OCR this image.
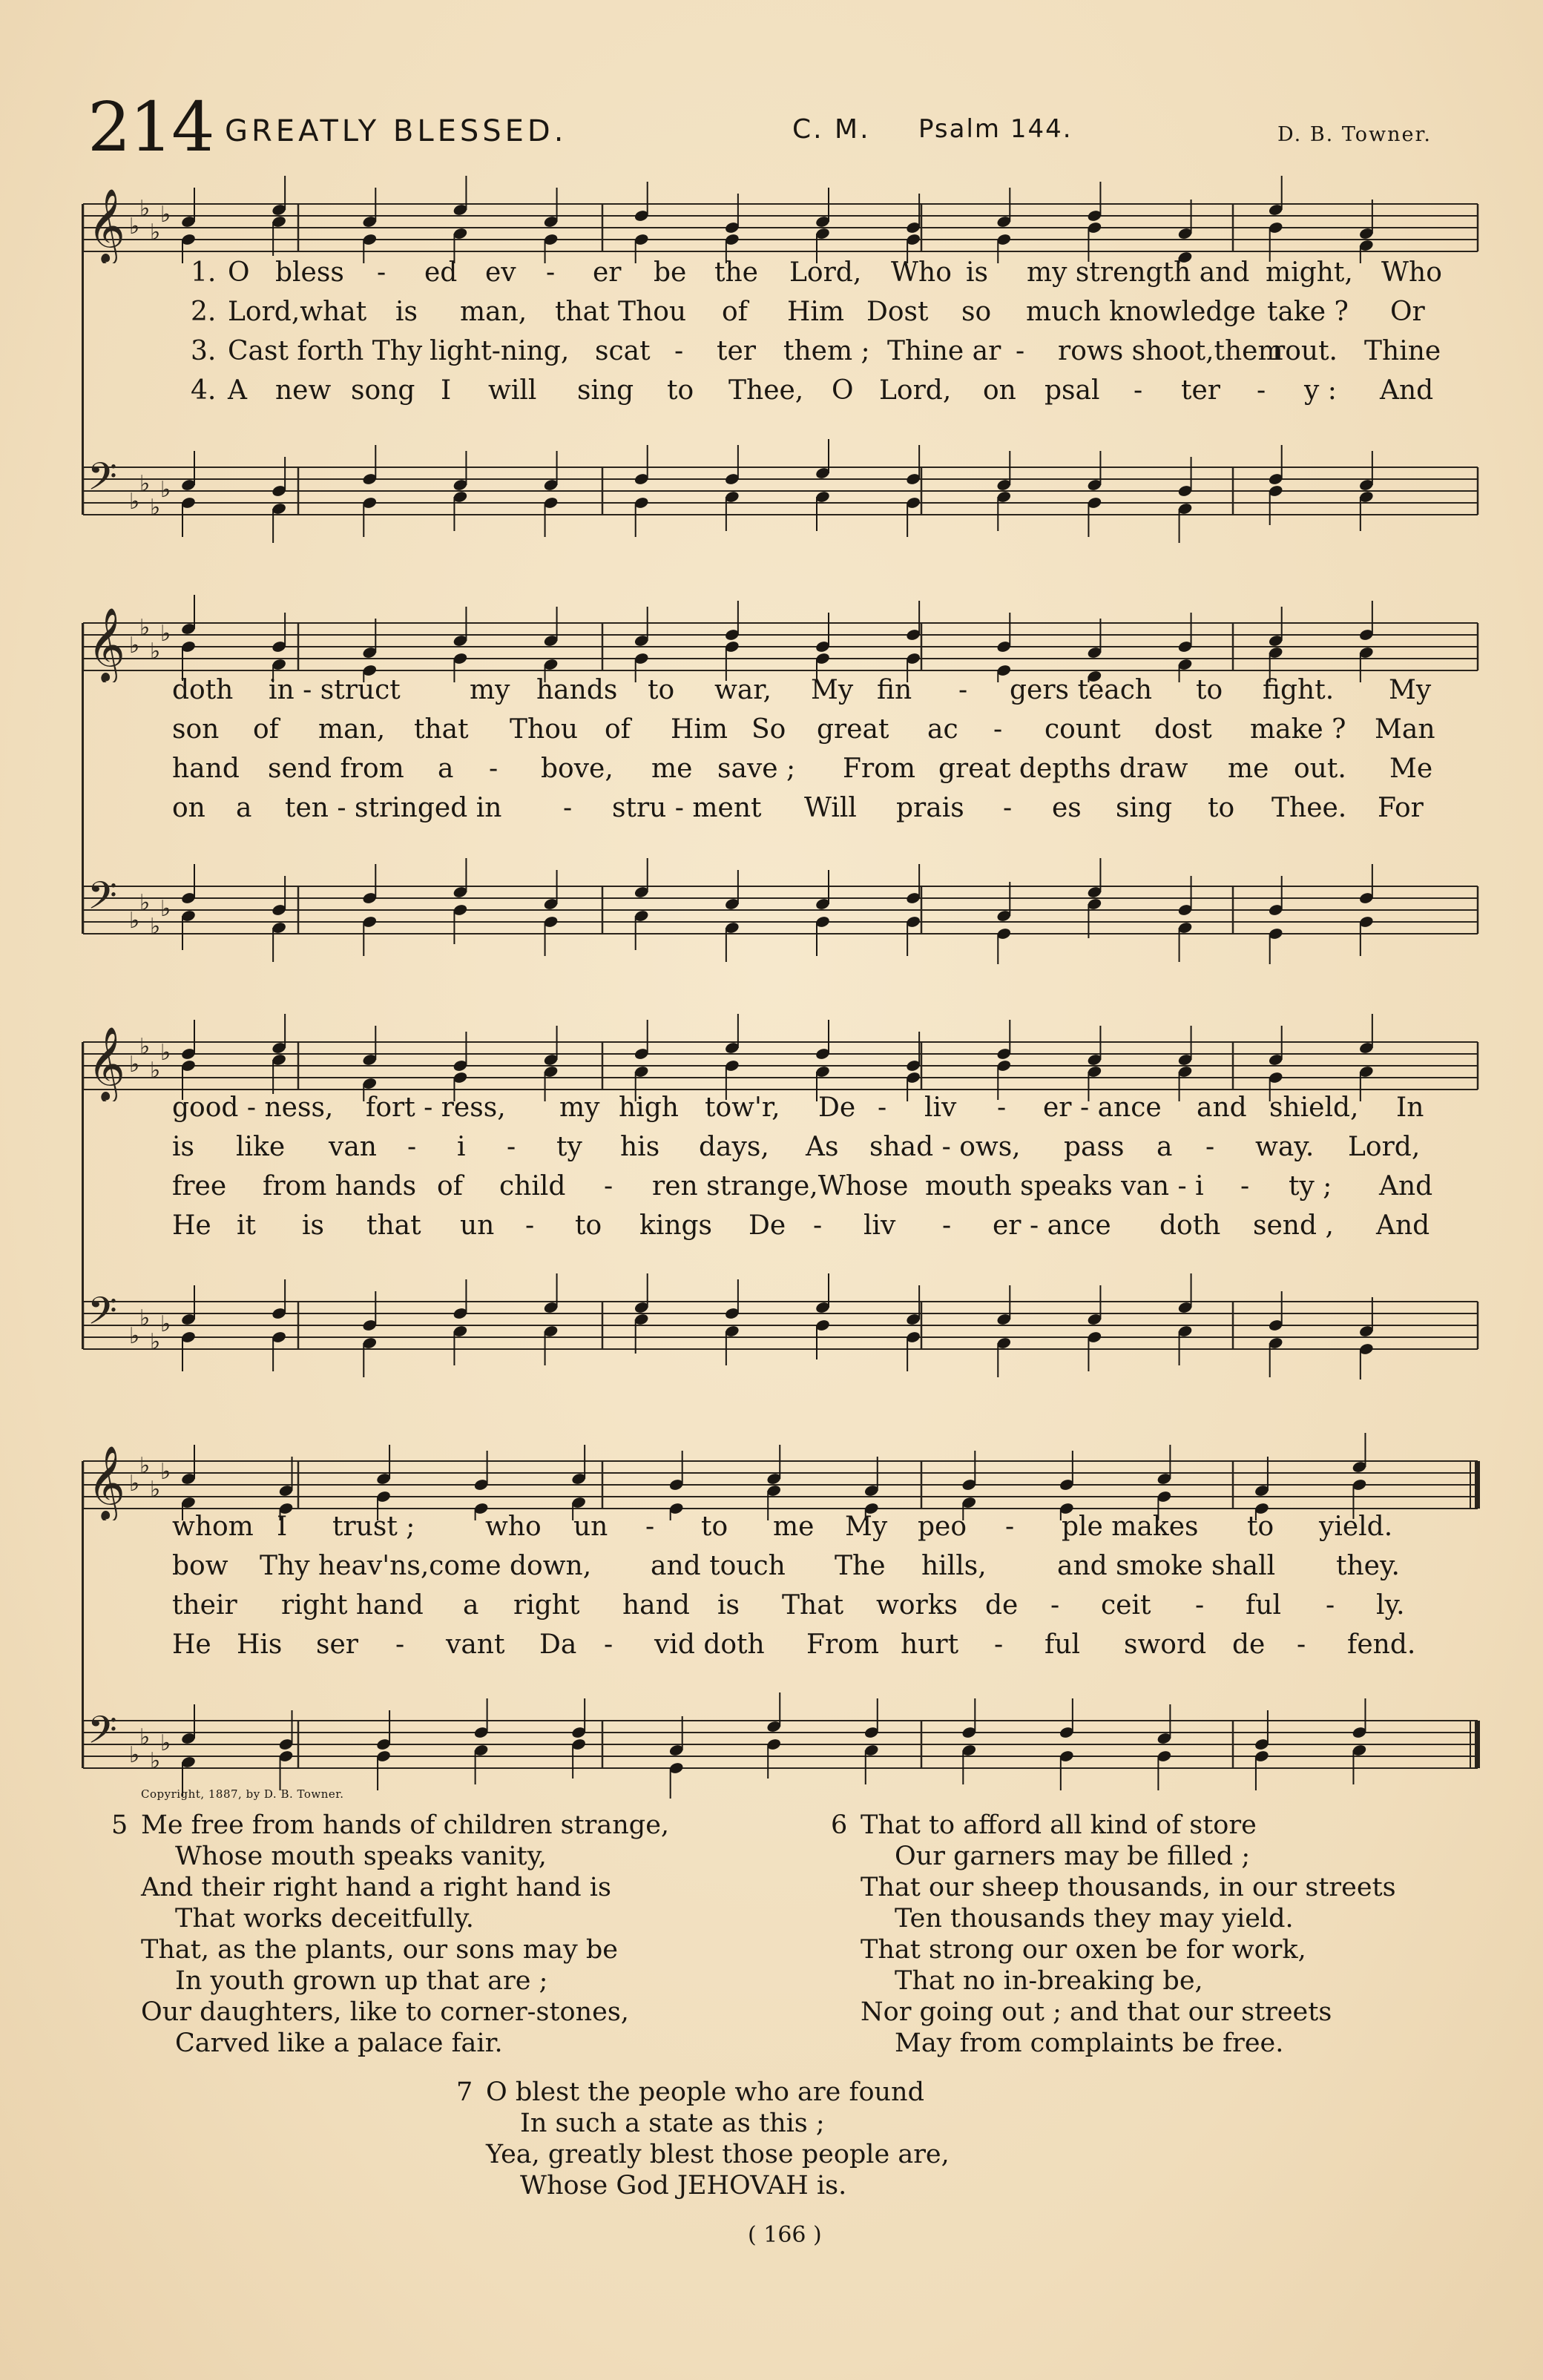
214 GREATLY BLESSED.	C. M. Psalm 144.	D. B. Towner.
𝄞 ♭
♭
♭
♭
1. O bless - ed ev - er be the Lord, Who is my strength and might, Who
2. Lord,what is man, that Thou of Him Dost so much knowledge take ? Or
3. Cast forth Thy light-ning, scat - ter them ; Thine ar - rows shoot,them
rout. Thine
4. A new song I will sing to Thee, O Lord, on psal - ter - y : And
𝄢 ♭
♭
♭
♭
𝄞 ♭
♭
♭
♭
doth in - struct	my hands to war, My fin - gers teach to fight. My
son of man, that Thou of Him So great ac - count dost make ? Man
hand send from a - bove, me save ; From great depths draw me out. Me
on a ten - stringed in - stru - ment Will prais - es sing to Thee. For
𝄢 ♭
♭
♭
♭
𝄞 ♭
♭
♭
♭
good - ness, fort - ress, my high tow'r, De - liv - er - ance and shield, In
is like van - i - ty his days, As shad - ows, pass a - way. Lord,
free from hands of child - ren strange,Whose mouth speaks van - i - ty ; And
He it is that un - to kings De - liv - er - ance doth send , And
𝄢 ♭
♭
♭
♭
𝄞 ♭
♭
♭
♭
whom I trust ;	who un - to me My peo - ple makes to yield.
bow Thy heav'ns,come down, and touch The hills,	and smoke shall they.
their right hand a right hand is That works de - ceit - ful - ly.
He His ser - vant Da - vid doth From hurt - ful sword de - fend.
𝄢 ♭
♭
♭
♭
Copyright, 1887, by D. B. Towner.
5 Me free from hands of children strange,
Whose mouth speaks vanity,
And their right hand a right hand is
That works deceitfully.
That, as the plants, our sons may be
In youth grown up that are ;
Our daughters, like to corner-stones,
Carved like a palace fair.
6 That to afford all kind of store
Our garners may be filled ;
That our sheep thousands, in our streets
Ten thousands they may yield.
That strong our oxen be for work,
That no in-breaking be,
Nor going out ; and that our streets
May from complaints be free.
7 O blest the people who are found
In such a state as this ;
Yea, greatly blest those people are,
Whose God JEHOVAH is.
( 166 )
